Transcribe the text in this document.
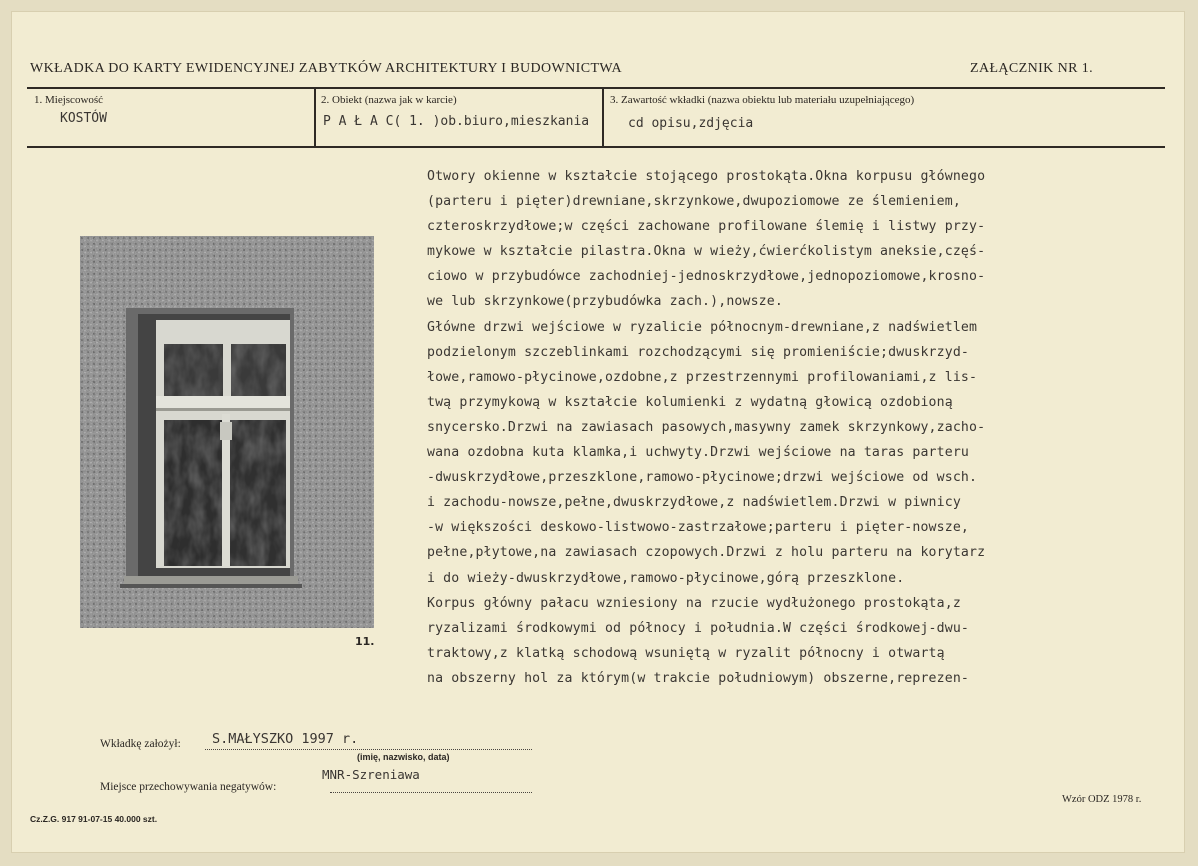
WKŁADKA DO KARTY EWIDENCYJNEJ ZABYTKÓW ARCHITEKTURY I BUDOWNICTWA	ZAŁĄCZNIK NR 1.
1. Miejscowość
KOSTÓW
2. Obiekt (nazwa jak w karcie)
P A Ł A C( 1. )ob.biuro,mieszkania
3. Zawartość wkładki (nazwa obiektu lub materiału uzupełniającego)
cd opisu,zdjęcia
11.
Otwory okienne w kształcie stojącego prostokąta.Okna korpusu głównego
(parteru i pięter)drewniane,skrzynkowe,dwupoziomowe ze ślemieniem,
czteroskrzydłowe;w części zachowane profilowane ślemię i listwy przy-
mykowe w kształcie pilastra.Okna w wieży,ćwierćkolistym aneksie,częś-
ciowo w przybudówce zachodniej-jednoskrzydłowe,jednopoziomowe,krosno-
we lub skrzynkowe(przybudówka zach.),nowsze.
Główne drzwi wejściowe w ryzalicie północnym-drewniane,z nadświetlem
podzielonym szczeblinkami rozchodzącymi się promieniście;dwuskrzyd-
łowe,ramowo-płycinowe,ozdobne,z przestrzennymi profilowaniami,z lis-
twą przymykową w kształcie kolumienki z wydatną głowicą ozdobioną
snycersko.Drzwi na zawiasach pasowych,masywny zamek skrzynkowy,zacho-
wana ozdobna kuta klamka,i uchwyty.Drzwi wejściowe na taras parteru
-dwuskrzydłowe,przeszklone,ramowo-płycinowe;drzwi wejściowe od wsch.
i zachodu-nowsze,pełne,dwuskrzydłowe,z nadświetlem.Drzwi w piwnicy
-w większości deskowo-listwowo-zastrzałowe;parteru i pięter-nowsze,
pełne,płytowe,na zawiasach czopowych.Drzwi z holu parteru na korytarz
i do wieży-dwuskrzydłowe,ramowo-płycinowe,górą przeszklone.
Korpus główny pałacu wzniesiony na rzucie wydłużonego prostokąta,z
ryzalizami środkowymi od północy i południa.W części środkowej-dwu-
traktowy,z klatką schodową wsuniętą w ryzalit północny i otwartą
na obszerny hol za którym(w trakcie południowym) obszerne,reprezen-
Wkładkę założył: S.MAŁYSZKO 1997 r.
(imię, nazwisko, data)
MNR-Szreniawa
Miejsce przechowywania negatywów:
Cz.Z.G. 917 91-07-15 40.000 szt.
Wzór ODZ 1978 r.
